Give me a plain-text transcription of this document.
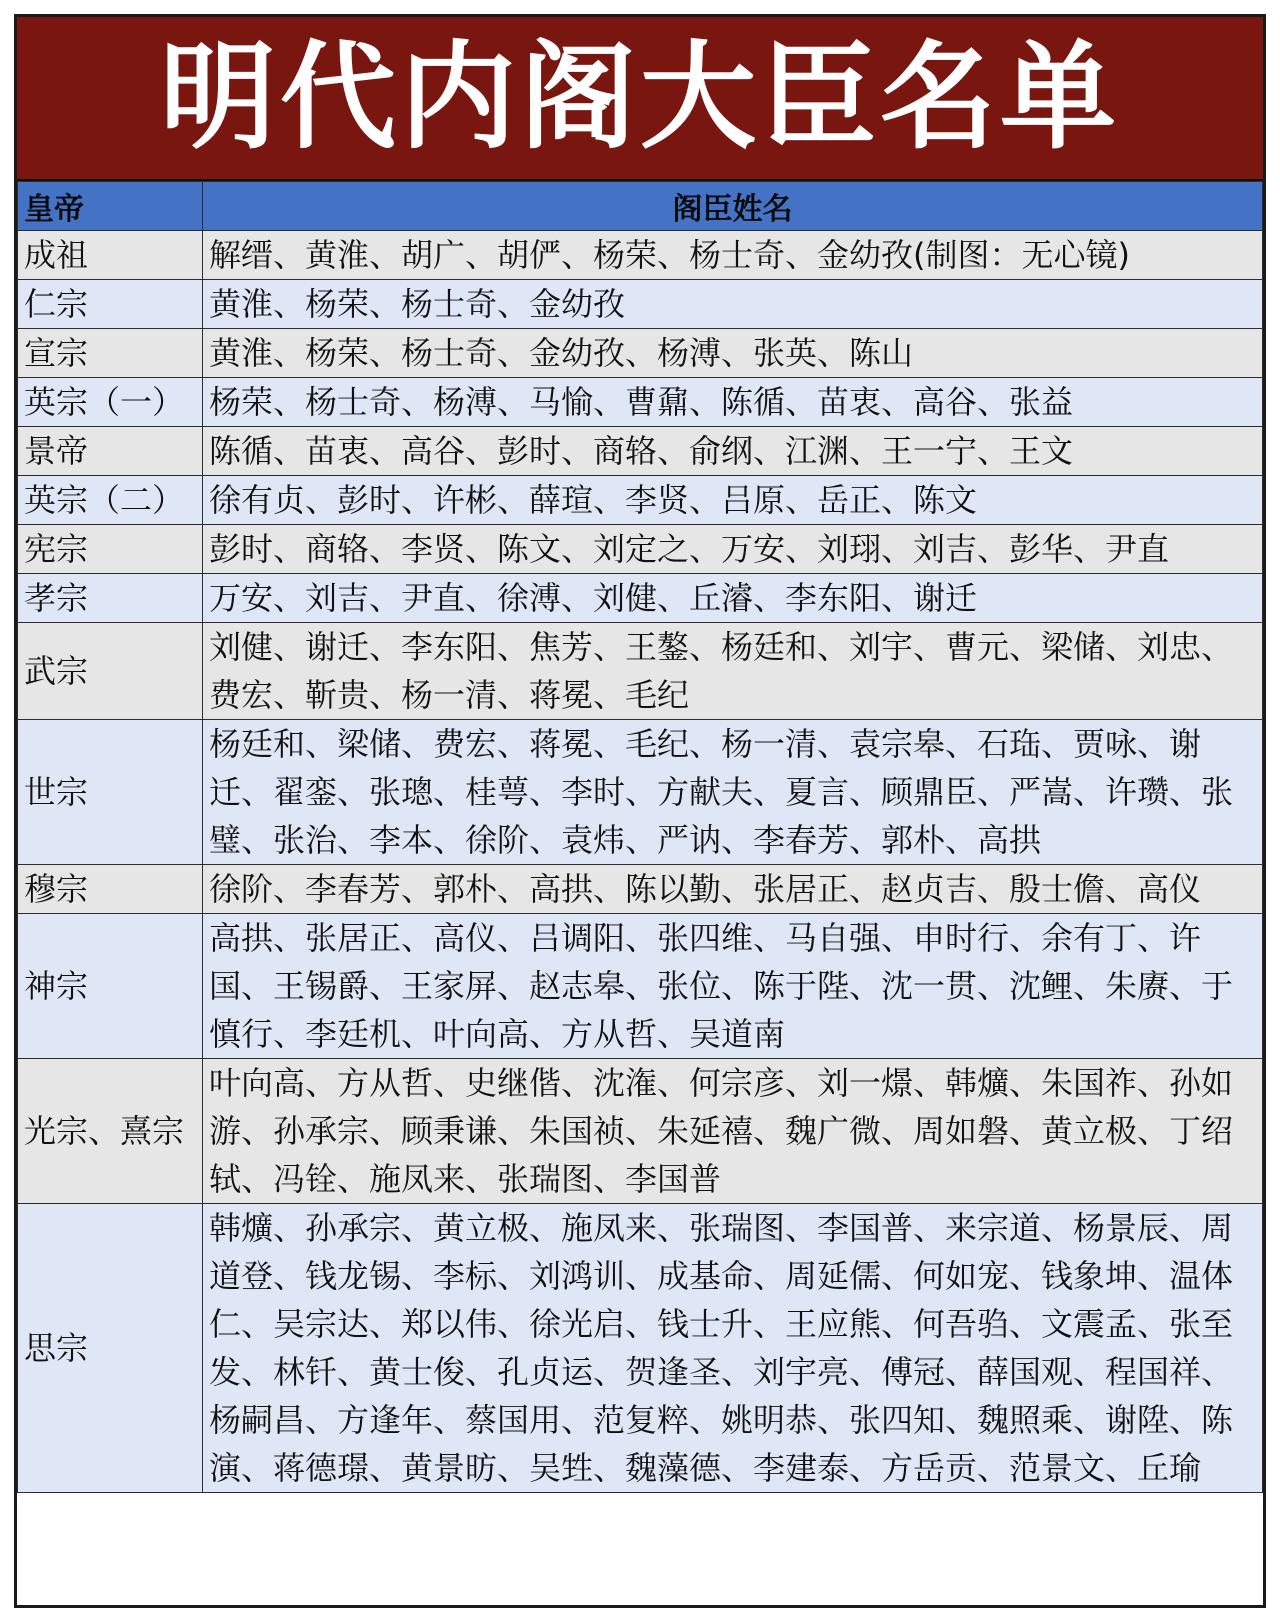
明代内阁大臣名单
皇帝	阁臣姓名
成祖	解缙、黄淮、胡广、胡俨、杨荣、杨士奇、金幼孜(制图：无心镜)
仁宗	黄淮、杨荣、杨士奇、金幼孜
宣宗	黄淮、杨荣、杨士奇、金幼孜、杨溥、张英、陈山
英宗（一）	杨荣、杨士奇、杨溥、马愉、曹鼐、陈循、苗衷、高谷、张益
景帝	陈循、苗衷、高谷、彭时、商辂、俞纲、江渊、王一宁、王文
英宗（二）	徐有贞、彭时、许彬、薛瑄、李贤、吕原、岳正、陈文
宪宗	彭时、商辂、李贤、陈文、刘定之、万安、刘珝、刘吉、彭华、尹直
孝宗	万安、刘吉、尹直、徐溥、刘健、丘濬、李东阳、谢迁
武宗	刘健、谢迁、李东阳、焦芳、王鏊、杨廷和、刘宇、曹元、梁储、刘忠、费宏、靳贵、杨一清、蒋冕、毛纪
世宗	杨廷和、梁储、费宏、蒋冕、毛纪、杨一清、袁宗皋、石珤、贾咏、谢迁、翟銮、张璁、桂萼、李时、方献夫、夏言、顾鼎臣、严嵩、许瓒、张璧、张治、李本、徐阶、袁炜、严讷、李春芳、郭朴、高拱
穆宗	徐阶、李春芳、郭朴、高拱、陈以勤、张居正、赵贞吉、殷士儋、高仪
神宗	高拱、张居正、高仪、吕调阳、张四维、马自强、申时行、余有丁、许国、王锡爵、王家屏、赵志皋、张位、陈于陛、沈一贯、沈鲤、朱赓、于慎行、李廷机、叶向高、方从哲、吴道南
光宗、熹宗	叶向高、方从哲、史继偕、沈潅、何宗彦、刘一燝、韩爌、朱国祚、孙如游、孙承宗、顾秉谦、朱国祯、朱延禧、魏广微、周如磐、黄立极、丁绍轼、冯铨、施凤来、张瑞图、李国普
思宗	韩爌、孙承宗、黄立极、施凤来、张瑞图、李国普、来宗道、杨景辰、周道登、钱龙锡、李标、刘鸿训、成基命、周延儒、何如宠、钱象坤、温体仁、吴宗达、郑以伟、徐光启、钱士升、王应熊、何吾驺、文震孟、张至发、林钎、黄士俊、孔贞运、贺逢圣、刘宇亮、傅冠、薛国观、程国祥、杨嗣昌、方逢年、蔡国用、范复粹、姚明恭、张四知、魏照乘、谢陞、陈演、蒋德璟、黄景昉、吴甡、魏藻德、李建泰、方岳贡、范景文、丘瑜
